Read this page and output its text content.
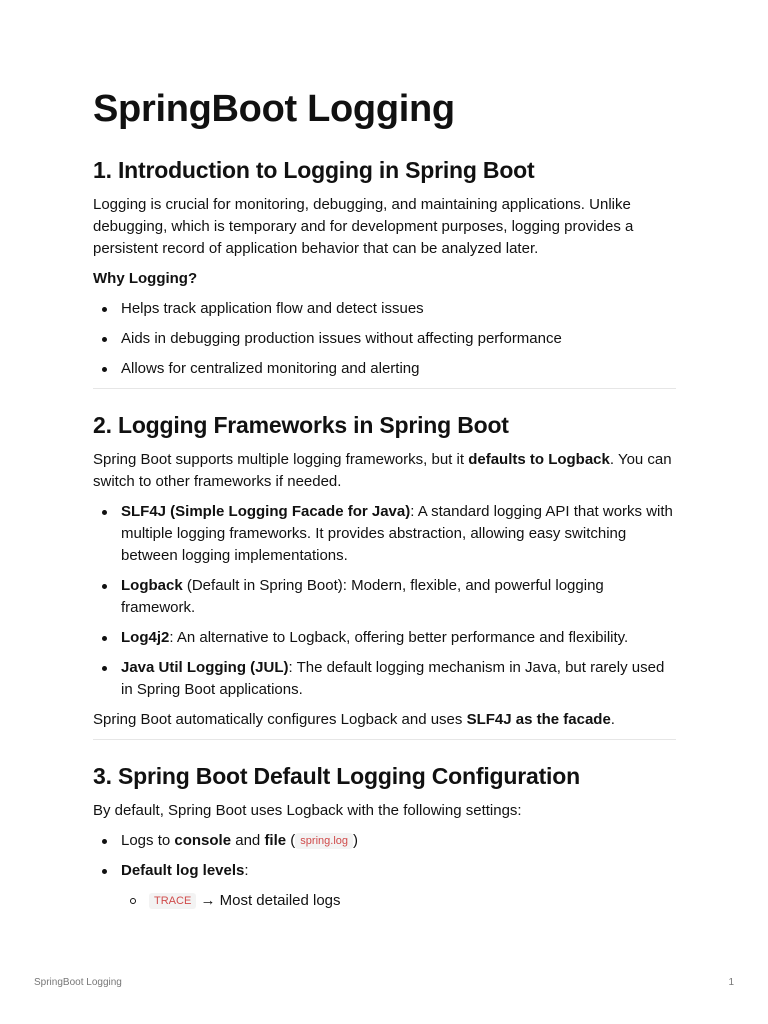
SpringBoot Logging
1. Introduction to Logging in Spring Boot

Logging is crucial for monitoring, debugging, and maintaining applications. Unlike debugging, which is temporary and for development purposes, logging provides a persistent record of application behavior that can be analyzed later.

Why Logging?

Helps track application flow and detect issues
Aids in debugging production issues without affecting performance
Allows for centralized monitoring and alerting
2. Logging Frameworks in Spring Boot

Spring Boot supports multiple logging frameworks, but it defaults to Logback. You can switch to other frameworks if needed.

SLF4J (Simple Logging Facade for Java): A standard logging API that works with multiple logging frameworks. It provides abstraction, allowing easy switching between logging implementations.
Logback (Default in Spring Boot): Modern, flexible, and powerful logging framework.
Log4j2: An alternative to Logback, offering better performance and flexibility.
Java Util Logging (JUL): The default logging mechanism in Java, but rarely used in Spring Boot applications.

Spring Boot automatically configures Logback and uses SLF4J as the facade.

3. Spring Boot Default Logging Configuration

By default, Spring Boot uses Logback with the following settings:

Logs to console and file ( spring.log )
Default log levels:
TRACE → Most detailed logs
SpringBoot Logging	1
